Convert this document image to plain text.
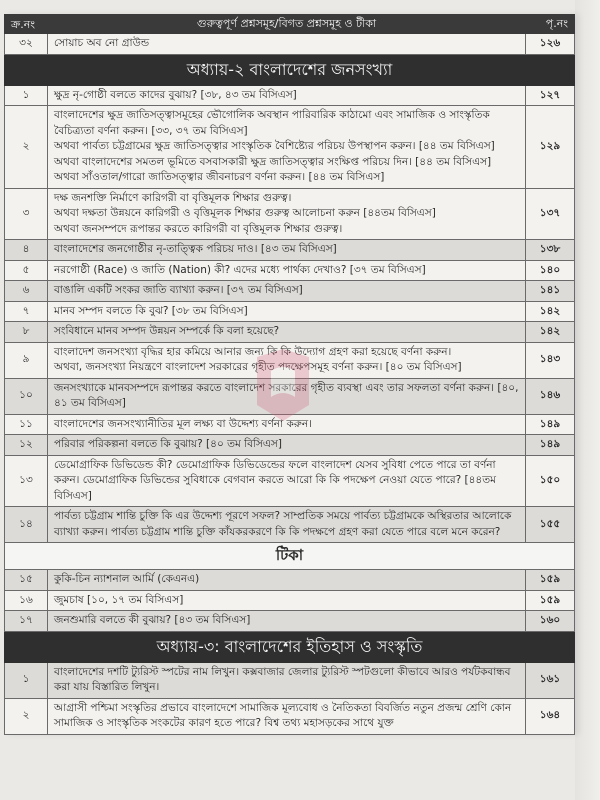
ক্র.নং	গুরুত্বপূর্ণ প্রশ্নসমূহ/বিগত প্রশ্নসমূহ ও টীকা	পৃ.নং
৩২	সোয়াচ অব নো গ্রাউন্ড	১২৬
অধ্যায়-২ বাংলাদেশের জনসংখ্যা		
১	ক্ষুদ্র নৃ-গোষ্ঠী বলতে কাদের বুঝায়? [৩৮, ৪৩ তম বিসিএস]	১২৭
২	বাংলাদেশের ক্ষুদ্র জাতিসত্ত্বাসমূহের ভৌগোলিক অবস্থান পারিবারিক কাঠামো এবং সামাজিক ও সাংস্কৃতিক বৈচিত্র্যতা বর্ণনা করুন। [৩৩, ৩৭ তম বিসিএস]
অথবা পার্বত্য চট্টগ্রামের ক্ষুদ্র জাতিসত্ত্বার সাংস্কৃতিক বৈশিষ্ট্যের পরিচয় উপস্থাপন করুন। [৪৪ তম বিসিএস]
অথবা বাংলাদেশের সমতল ভূমিতে বসবাসকারী ক্ষুদ্র জাতিসত্ত্বার সংক্ষিপ্ত পরিচয় দিন। [৪৪ তম বিসিএস]
অথবা সাঁওতাল/গারো জাতিসত্ত্বার জীবনাচরণ বর্ণনা করুন। [৪৪ তম বিসিএস]	১২৯
৩	দক্ষ জনশক্তি নির্মাণে কারিগরী বা বৃত্তিমূলক শিক্ষার গুরুত্ব।
অথবা দক্ষতা উন্নয়নে কারিগরী ও বৃত্তিমূলক শিক্ষার গুরুত্ব আলোচনা করুন [৪৪তম বিসিএস]
অথবা জনসম্পদে রূপান্তর করতে কারিগরী বা বৃত্তিমূলক শিক্ষার গুরুত্ব।	১৩৭
৪	বাংলাদেশের জনগোষ্ঠীর নৃ-তাত্ত্বিক পরিচয় দাও। [৪৩ তম বিসিএস]	১৩৮
৫	নরগোষ্ঠী (Race) ও জাতি (Nation) কী? এদের মধ্যে পার্থক্য দেখাও? [৩৭ তম বিসিএস]	১৪০
৬	বাঙালি একটি সংকর জাতি ব্যাখ্যা করুন। [৩৭ তম বিসিএস]	১৪১
৭	মানব সম্পদ বলতে কি বুঝ? [৩৮ তম বিসিএস]	১৪২
৮	সংবিধানে মানব সম্পদ উন্নয়ন সম্পর্কে কি বলা হয়েছে?	১৪২
৯	বাংলাদেশ জনসংখ্যা বৃদ্ধির হার কমিয়ে আনার জন্য কি কি উদ্যোগ গ্রহণ করা হয়েছে বর্ণনা করুন।
অথবা, জনসংখ্যা নিয়ন্ত্রণে বাংলাদেশ সরকারের গৃহীত পদক্ষেপসমূহ বর্ণনা করুন। [৪০ তম বিসিএস]	১৪৩
১০	জনসংখ্যাকে মানবসম্পদে রূপান্তর করতে বাংলাদেশ সরকারের গৃহীত ব্যবস্থা এবং তার সফলতা বর্ণনা করুন। [৪০, ৪১ তম বিসিএস]	১৪৬
১১	বাংলাদেশের জনসংখ্যানীতির মূল লক্ষ্য বা উদ্দেশ্য বর্ণনা করুন।	১৪৯
১২	পরিবার পরিকল্পনা বলতে কি বুঝায়? [৪০ তম বিসিএস]	১৪৯
১৩	ডেমোগ্রাফিক ডিভিডেন্ড কী? ডেমোগ্রাফিক ডিভিডেন্ডের ফলে বাংলাদেশ যেসব সুবিধা পেতে পারে তা বর্ণনা করুন। ডেমোগ্রাফিক ডিভিন্ডের সুবিধাকে বেগবান করতে আরো কি কি পদক্ষেপ নেওয়া যেতে পারে? [৪৪তম বিসিএস]	১৫০
১৪	পার্বত্য চট্টগ্রাম শান্তি চুক্তি কি এর উদ্দেশ্য পূরণে সফল? সাম্প্রতিক সময়ে পার্বত্য চট্টগ্রামকে অস্থিরতার আলোকে ব্যাখ্যা করুন। পার্বত্য চট্টগ্রাম শান্তি চুক্তি কাঁযকরকরণে কি কি পদক্ষপে গ্রহণ করা যেতে পারে বলে মনে করেন?	১৫৫
টিকা		
১৫	কুকি-চিন ন্যাশনাল আর্মি (কেএনএ)	১৫৯
১৬	জুমচাষ [১০, ১৭ তম বিসিএস]	১৫৯
১৭	জনশুমারি বলতে কী বুঝায়? [৪৩ তম বিসিএস]	১৬০
অধ্যায়-৩: বাংলাদেশের ইতিহাস ও সংস্কৃতি		
১	বাংলাদেশের দশটি ট্যুরিস্ট স্পটের নাম লিখুন। কক্সবাজার জেলার ট্যুরিস্ট স্পটগুলো কীভাবে আরও পর্যটকবান্ধব করা যায় বিস্তারিত লিখুন।	১৬১
২	আগ্রাসী পশ্চিমা সংস্কৃতির প্রভাবে বাংলাদেশে সামাজিক মূল্যবোধ ও নৈতিকতা বিবর্জিত নতুন প্রজন্ম শ্রেণি কোন সামাজিক ও সাংস্কৃতিক সংকটের কারণ হতে পারে? বিশ্ব তথ্য মহাসড়কের সাথে যুক্ত	১৬৪
